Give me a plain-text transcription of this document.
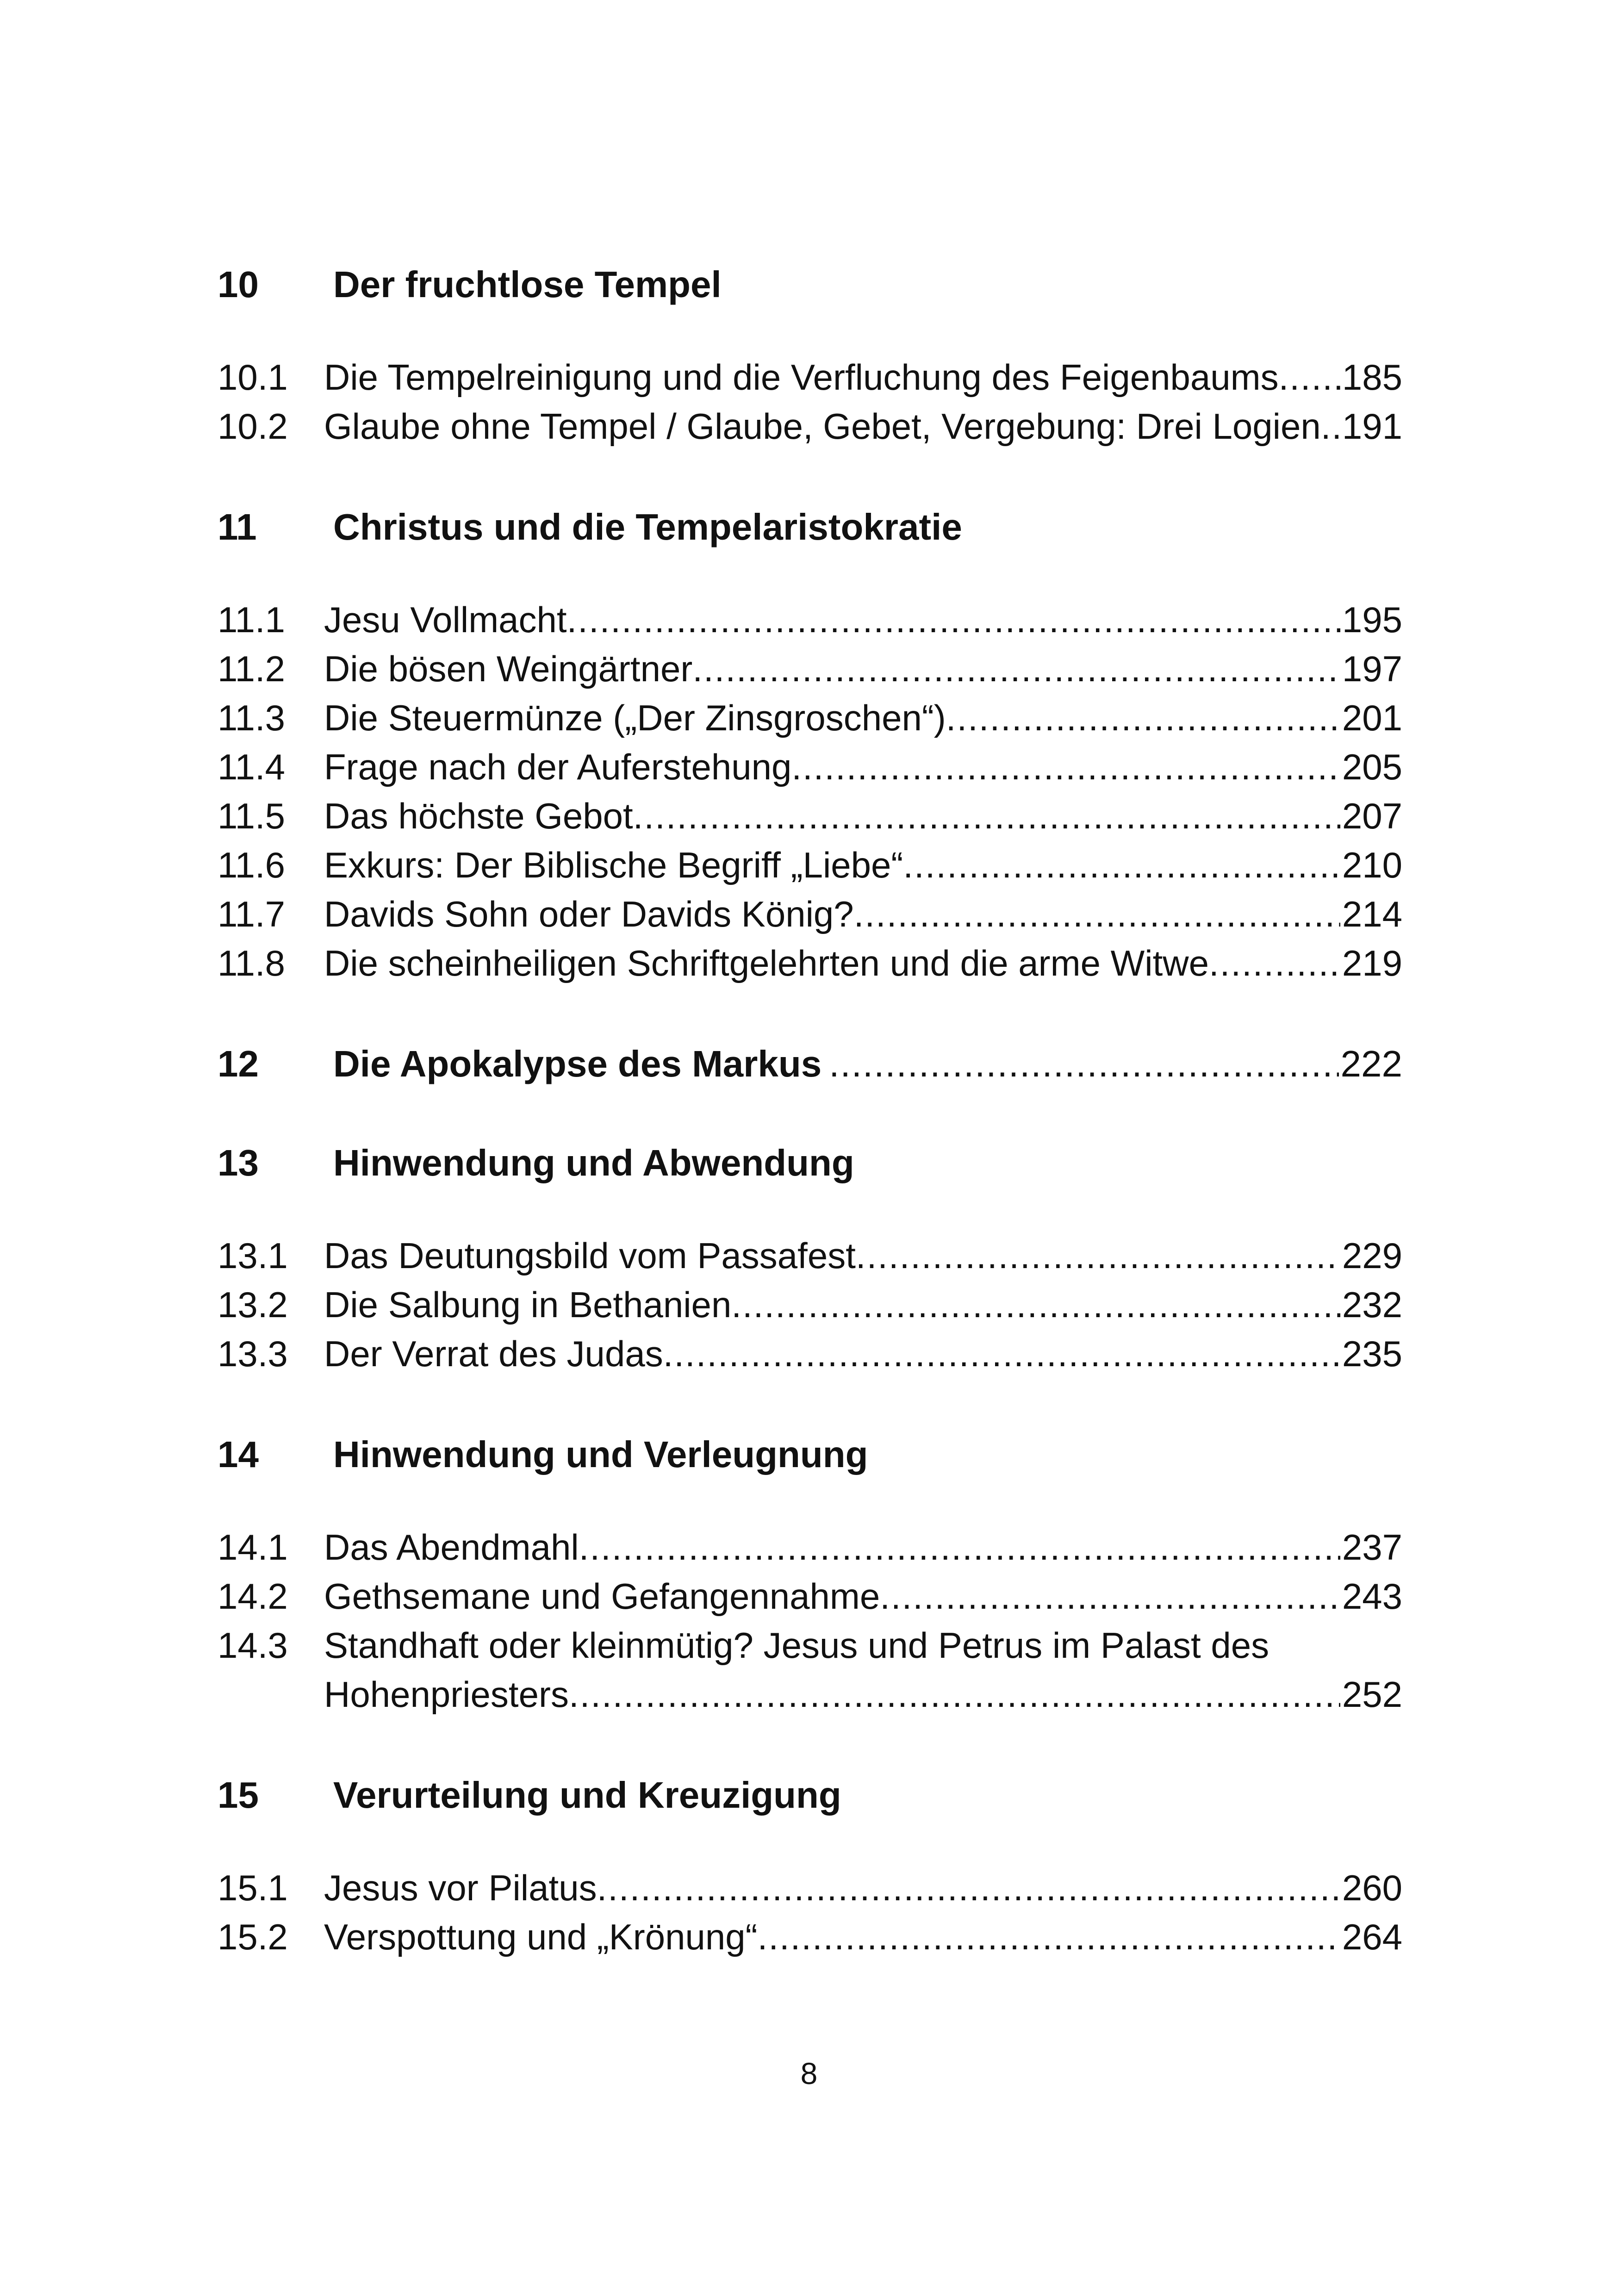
10	Der fruchtlose Tempel
10.1	Die Tempelreinigung und die Verfluchung des Feigenbaums ..... 185
10.2	Glaube ohne Tempel / Glaube, Gebet, Vergebung: Drei Logien ..... 191
11	Christus und die Tempelaristokratie
11.1	Jesu Vollmacht .....	195
11.2	Die bösen Weingärtner .....	197
11.3	Die Steuermünze („Der Zinsgroschen“) .....	201
11.4	Frage nach der Auferstehung .....	205
11.5	Das höchste Gebot .....	207
11.6	Exkurs: Der Biblische Begriff „Liebe“ .....	210
11.7	Davids Sohn oder Davids König? .....	214
11.8	Die scheinheiligen Schriftgelehrten und die arme Witwe .....	219
12	Die Apokalypse des Markus .....	222
13	Hinwendung und Abwendung
13.1	Das Deutungsbild vom Passafest .....	229
13.2	Die Salbung in Bethanien .....	232
13.3	Der Verrat des Judas .....	235
14	Hinwendung und Verleugnung
14.1	Das Abendmahl .....	237
14.2	Gethsemane und Gefangennahme .....	243
14.3	Standhaft oder kleinmütig? Jesus und Petrus im Palast des
Hohenpriesters .....	252
15	Verurteilung und Kreuzigung
15.1	Jesus vor Pilatus .....	260
15.2	Verspottung und „Krönung“ .....	264
8
